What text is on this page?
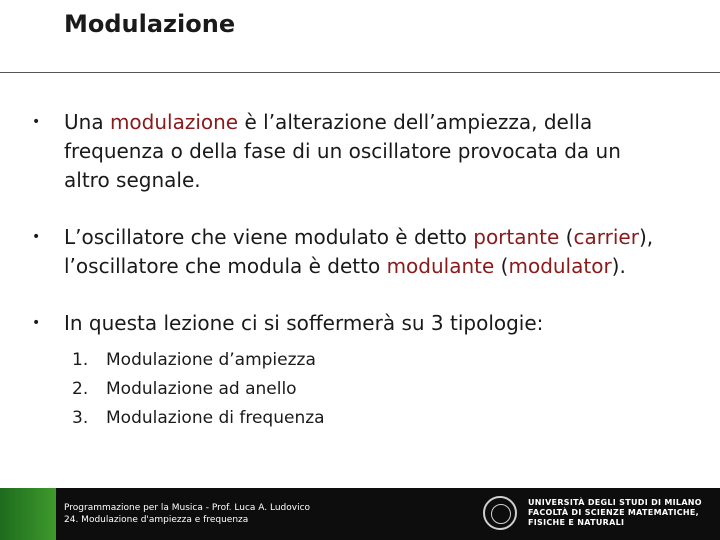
Modulazione
• Una modulazione è l’alterazione dell’ampiezza, della frequenza o della fase di un oscillatore provocata da un altro segnale.
• L’oscillatore che viene modulato è detto portante (carrier), l’oscillatore che modula è detto modulante (modulator).
• In questa lezione ci si soffermerà su 3 tipologie:
1. Modulazione d’ampiezza
2. Modulazione ad anello
3. Modulazione di frequenza
Programmazione per la Musica - Prof. Luca A. Ludovico
24. Modulazione d'ampiezza e frequenza
UNIVERSITÀ DEGLI STUDI DI MILANO
FACOLTÀ DI SCIENZE MATEMATICHE,
FISICHE E NATURALI
